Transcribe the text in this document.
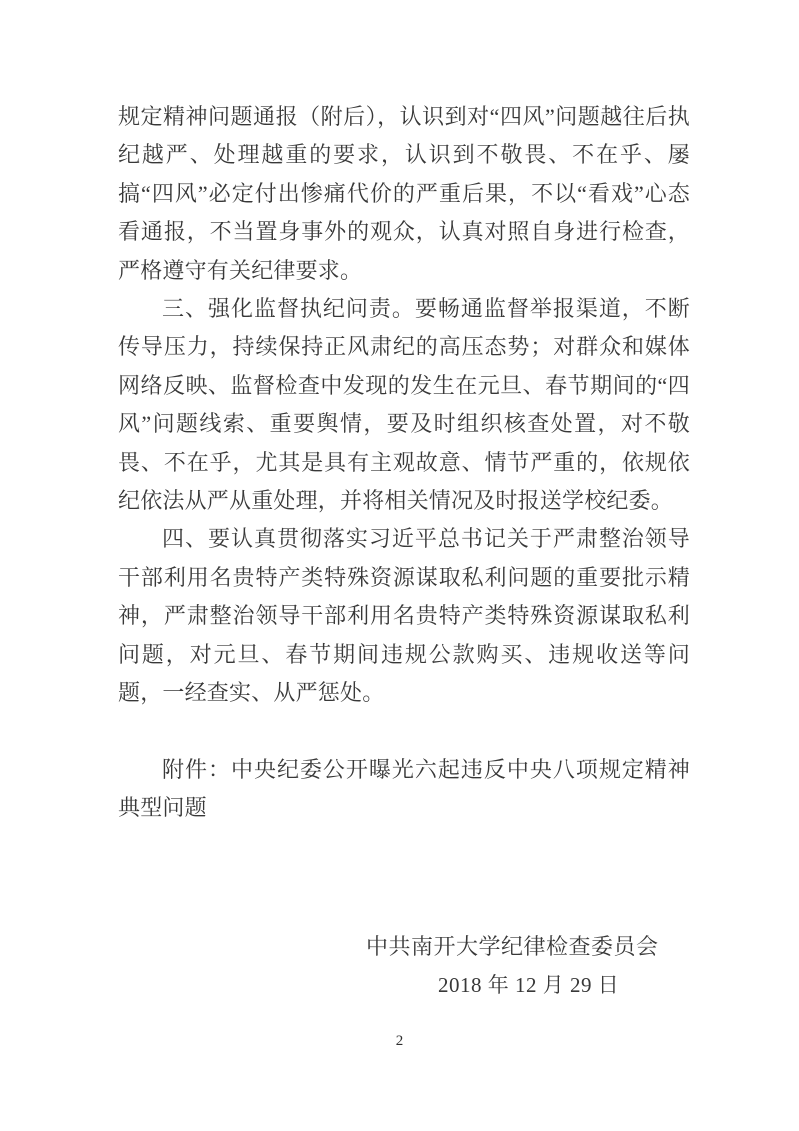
规定精神问题通报（附后），认识到对“四风”问题越往后执纪越严、处理越重的要求，认识到不敬畏、不在乎、屡搞“四风”必定付出惨痛代价的严重后果，不以“看戏”心态看通报，不当置身事外的观众，认真对照自身进行检查，严格遵守有关纪律要求。

三、强化监督执纪问责。要畅通监督举报渠道，不断传导压力，持续保持正风肃纪的高压态势；对群众和媒体网络反映、监督检查中发现的发生在元旦、春节期间的“四风”问题线索、重要舆情，要及时组织核查处置，对不敬畏、不在乎，尤其是具有主观故意、情节严重的，依规依纪依法从严从重处理，并将相关情况及时报送学校纪委。

四、要认真贯彻落实习近平总书记关于严肃整治领导干部利用名贵特产类特殊资源谋取私利问题的重要批示精神，严肃整治领导干部利用名贵特产类特殊资源谋取私利问题，对元旦、春节期间违规公款购买、违规收送等问题，一经查实、从严惩处。

附件：中央纪委公开曝光六起违反中央八项规定精神典型问题

中共南开大学纪律检查委员会
2018 年 12 月 29 日
2
